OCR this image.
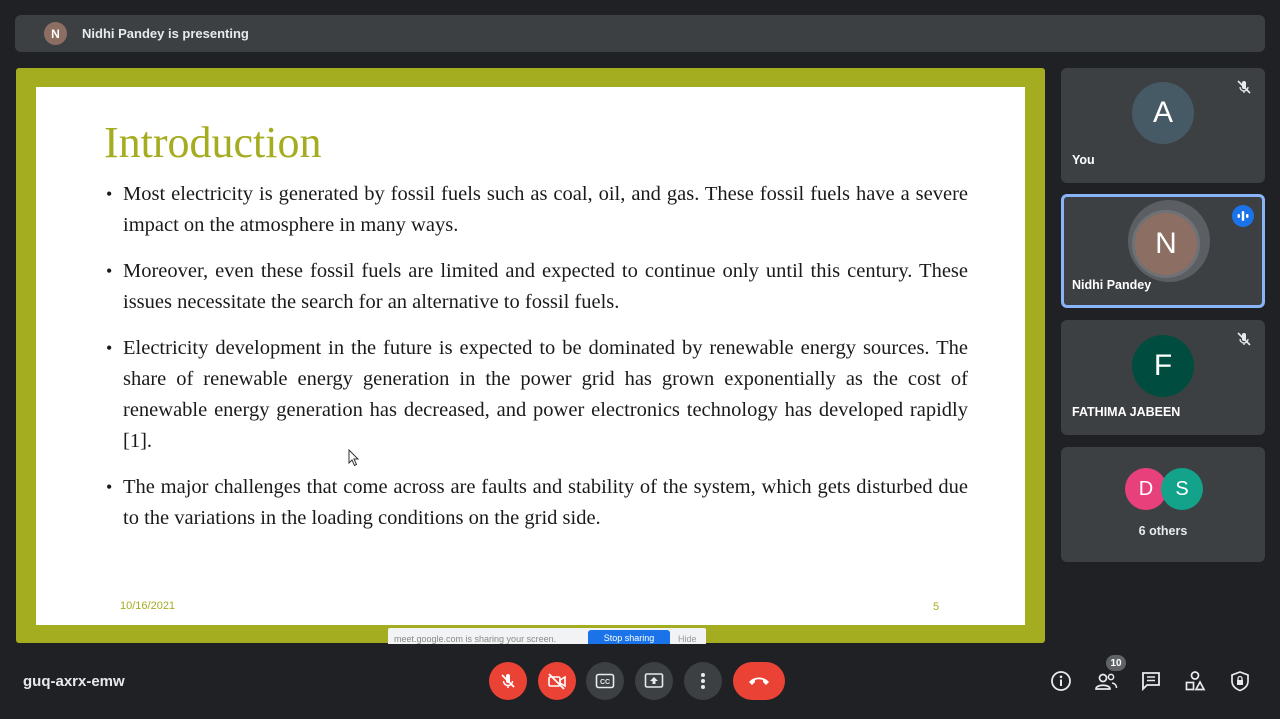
N	Nidhi Pandey is presenting
Introduction
• Most electricity is generated by fossil fuels such as coal, oil, and gas. These fossil fuels have a severe impact on the atmosphere in many ways.
• Moreover, even these fossil fuels are limited and expected to continue only until this century. These issues necessitate the search for an alternative to fossil fuels.
• Electricity development in the future is expected to be dominated by renewable energy sources. The share of renewable energy generation in the power grid has grown exponentially as the cost of renewable energy generation has decreased, and power electronics technology has developed rapidly [1].
• The major challenges that come across are faults and stability of the system, which gets disturbed due to the variations in the loading conditions on the grid side.
10/16/2021	5
meet.google.com is sharing your screen.	Stop sharing	Hide
A
You
N
Nidhi Pandey
F
FATHIMA JABEEN
D	S
6 others
guq-axrx-emw	CC
10
